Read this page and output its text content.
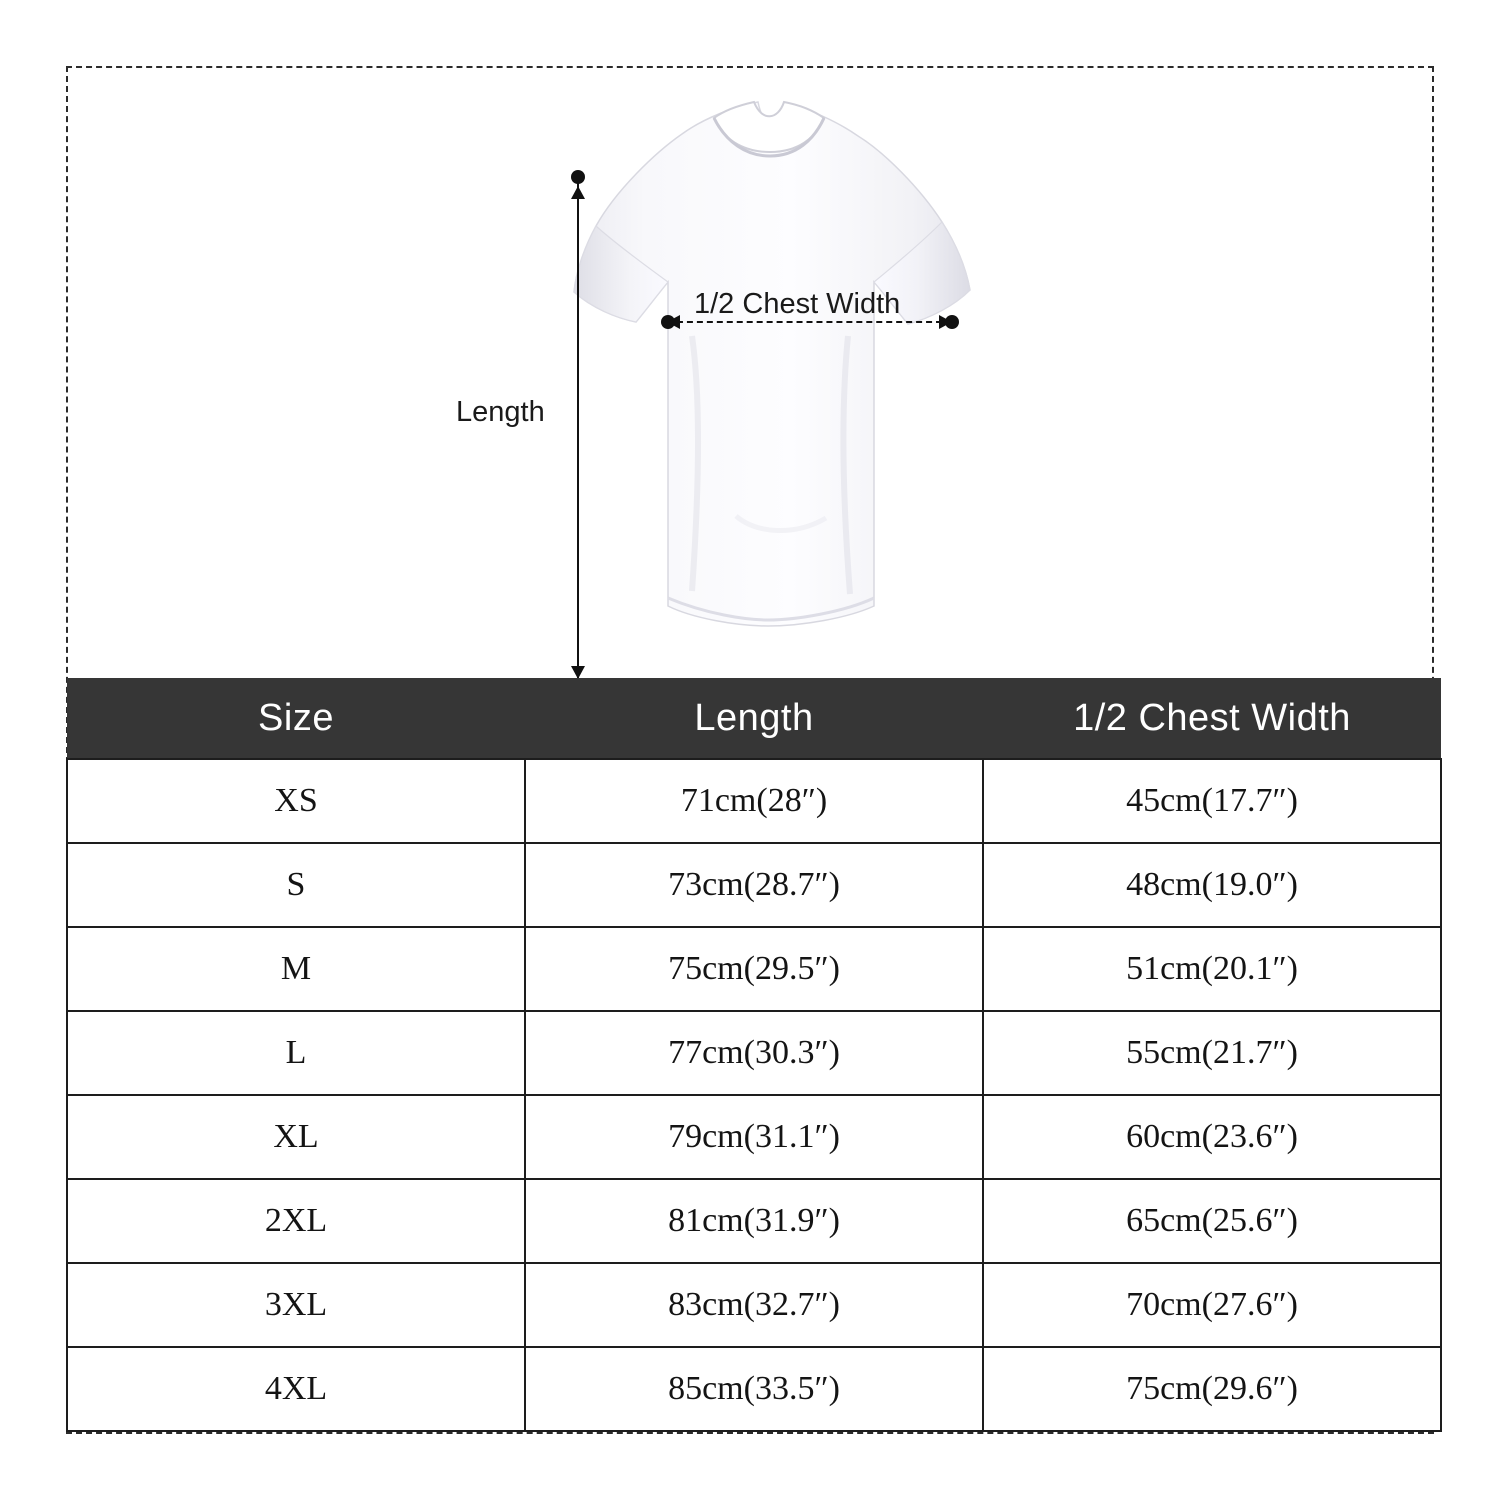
Length
1/2 Chest Width
Size	Length	1/2 Chest Width
XS	71cm(28″)	45cm(17.7″)
S	73cm(28.7″)	48cm(19.0″)
M	75cm(29.5″)	51cm(20.1″)
L	77cm(30.3″)	55cm(21.7″)
XL	79cm(31.1″)	60cm(23.6″)
2XL	81cm(31.9″)	65cm(25.6″)
3XL	83cm(32.7″)	70cm(27.6″)
4XL	85cm(33.5″)	75cm(29.6″)
